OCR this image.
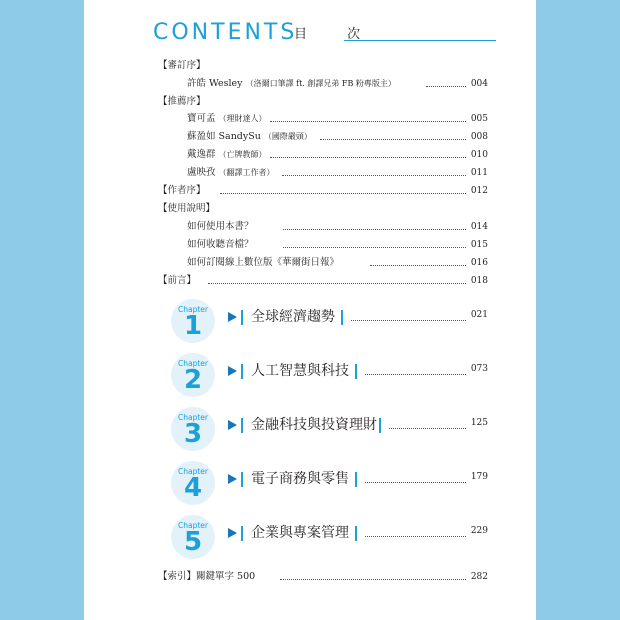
CONTENTS
目 次
【審訂序】
許皓 Wesley （洛爾口筆譯 ft. 創譯兄弟 FB 粉專版主）	004
【推薦序】
寶可孟 （理財達人）	005
蘇盈如 SandySu （國際嚴頭）	008
戴逸群 （亡牌教師）	010
盧映孜 （翻譯工作者）	011
【作者序】	012
【使用說明】
如何使用本書？	014
如何收聽音檔？	015
如何訂閱線上數位版《華爾街日報》	016
【前言】	018
Chapter
1	全球經濟趨勢	021
Chapter
2	人工智慧與科技	073
Chapter
3	金融科技與投資理財	125
Chapter
4	電子商務與零售	179
Chapter
5	企業與專案管理	229
【索引】關鍵單字 500	282
